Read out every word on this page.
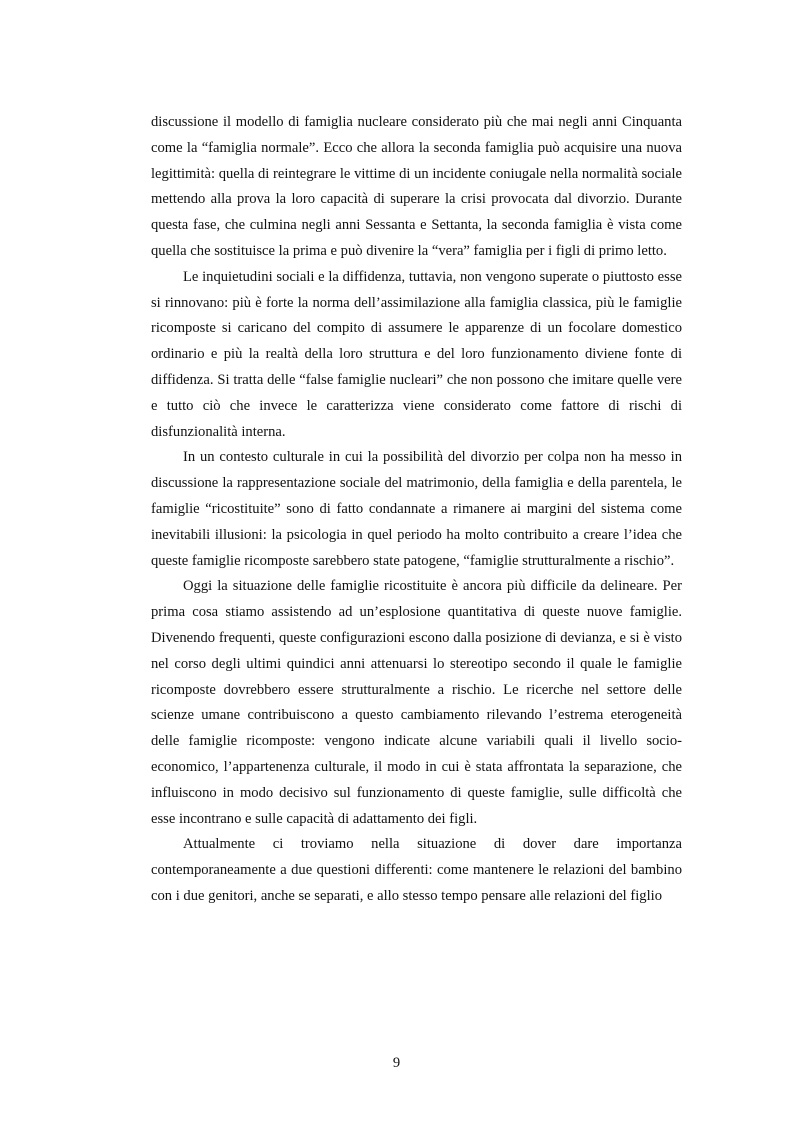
discussione il modello di famiglia nucleare considerato più che mai negli anni Cinquanta come la “famiglia normale”. Ecco che allora la seconda famiglia può acquisire una nuova legittimità: quella di reintegrare le vittime di un incidente coniugale nella normalità sociale mettendo alla prova la loro capacità di superare la crisi provocata dal divorzio. Durante questa fase, che culmina negli anni Sessanta e Settanta, la seconda famiglia è vista come quella che sostituisce la prima e può divenire la “vera” famiglia per i figli di primo letto.

Le inquietudini sociali e la diffidenza, tuttavia, non vengono superate o piuttosto esse si rinnovano: più è forte la norma dell’assimilazione alla famiglia classica, più le famiglie ricomposte si caricano del compito di assumere le apparenze di un focolare domestico ordinario e più la realtà della loro struttura e del loro funzionamento diviene fonte di diffidenza. Si tratta delle “false famiglie nucleari” che non possono che imitare quelle vere e tutto ciò che invece le caratterizza viene considerato come fattore di rischi di disfunzionalità interna.

In un contesto culturale in cui la possibilità del divorzio per colpa non ha messo in discussione la rappresentazione sociale del matrimonio, della famiglia e della parentela, le famiglie “ricostituite” sono di fatto condannate a rimanere ai margini del sistema come inevitabili illusioni: la psicologia in quel periodo ha molto contribuito a creare l’idea che queste famiglie ricomposte sarebbero state patogene, “famiglie strutturalmente a rischio”.

Oggi la situazione delle famiglie ricostituite è ancora più difficile da delineare. Per prima cosa stiamo assistendo ad un’esplosione quantitativa di queste nuove famiglie. Divenendo frequenti, queste configurazioni escono dalla posizione di devianza, e si è visto nel corso degli ultimi quindici anni attenuarsi lo stereotipo secondo il quale le famiglie ricomposte dovrebbero essere strutturalmente a rischio. Le ricerche nel settore delle scienze umane contribuiscono a questo cambiamento rilevando l’estrema eterogeneità delle famiglie ricomposte: vengono indicate alcune variabili quali il livello socio-economico, l’appartenenza culturale, il modo in cui è stata affrontata la separazione, che influiscono in modo decisivo sul funzionamento di queste famiglie, sulle difficoltà che esse incontrano e sulle capacità di adattamento dei figli.

Attualmente ci troviamo nella situazione di dover dare importanza contemporaneamente a due questioni differenti: come mantenere le relazioni del bambino con i due genitori, anche se separati, e allo stesso tempo pensare alle relazioni del figlio

9
